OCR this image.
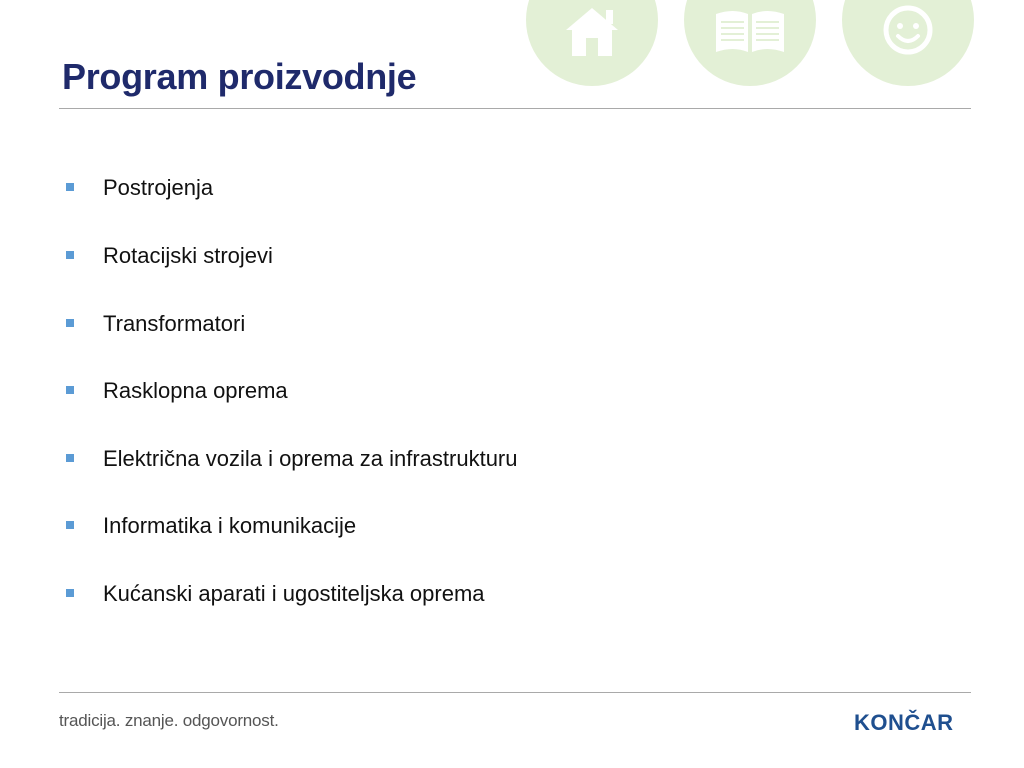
Program proizvodnje
Postrojenja
Rotacijski strojevi
Transformatori
Rasklopna oprema
Električna vozila i oprema za infrastrukturu
Informatika i komunikacije
Kućanski aparati i ugostiteljska oprema
tradicija. znanje. odgovornost.	KONČAR
